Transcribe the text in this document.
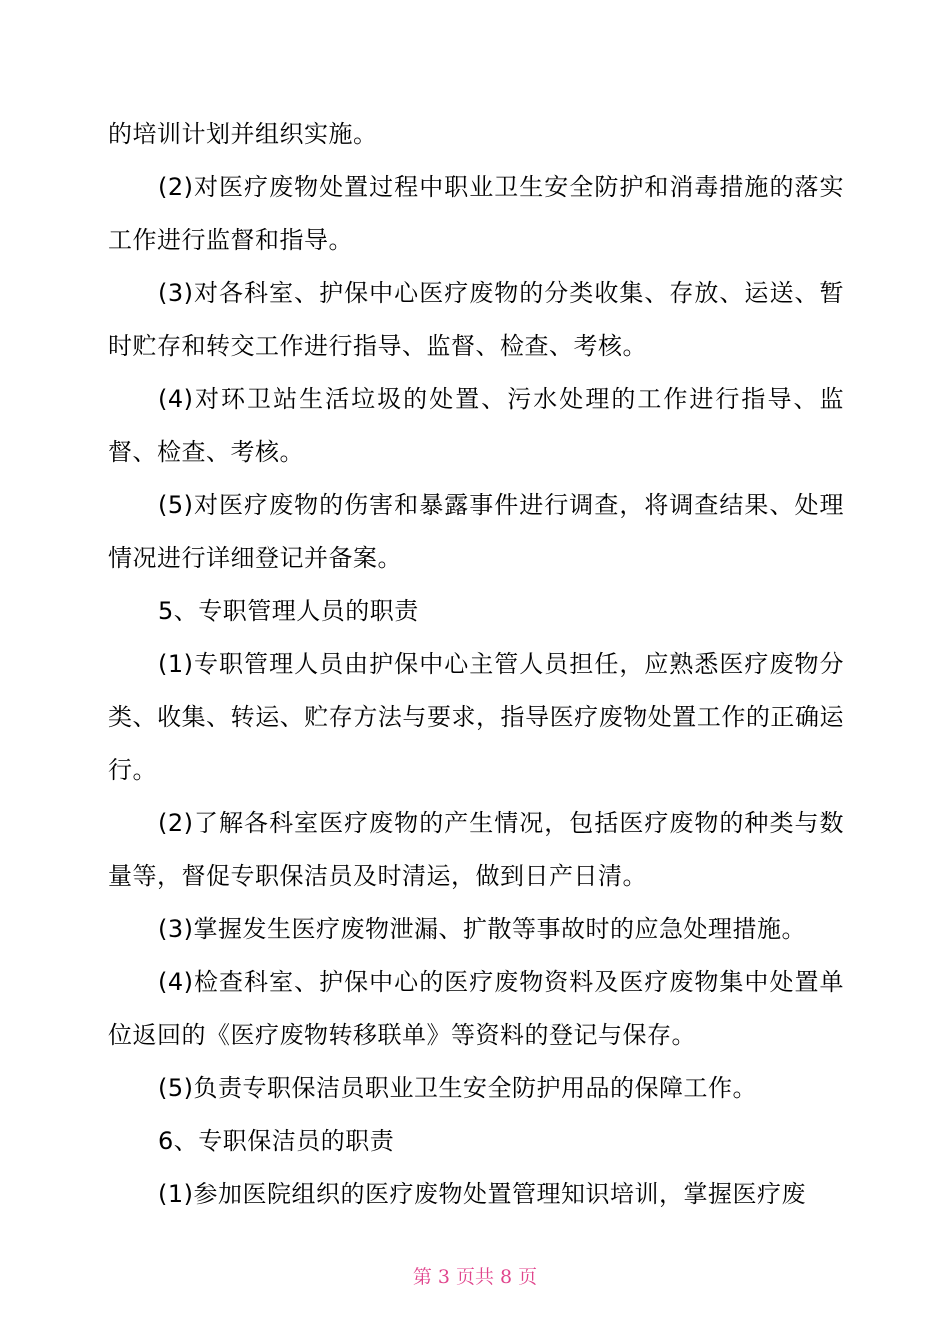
的培训计划并组织实施。

(2)对医疗废物处置过程中职业卫生安全防护和消毒措施的落实工作进行监督和指导。

(3)对各科室、护保中心医疗废物的分类收集、存放、运送、暂时贮存和转交工作进行指导、监督、检查、考核。

(4)对环卫站生活垃圾的处置、污水处理的工作进行指导、监督、检查、考核。

(5)对医疗废物的伤害和暴露事件进行调查，将调查结果、处理情况进行详细登记并备案。

5、专职管理人员的职责

(1)专职管理人员由护保中心主管人员担任，应熟悉医疗废物分类、收集、转运、贮存方法与要求，指导医疗废物处置工作的正确运行。

(2)了解各科室医疗废物的产生情况，包括医疗废物的种类与数量等，督促专职保洁员及时清运，做到日产日清。

(3)掌握发生医疗废物泄漏、扩散等事故时的应急处理措施。

(4)检查科室、护保中心的医疗废物资料及医疗废物集中处置单位返回的《医疗废物转移联单》等资料的登记与保存。

(5)负责专职保洁员职业卫生安全防护用品的保障工作。

6、专职保洁员的职责

(1)参加医院组织的医疗废物处置管理知识培训，掌握医疗废

第 3 页共 8 页
